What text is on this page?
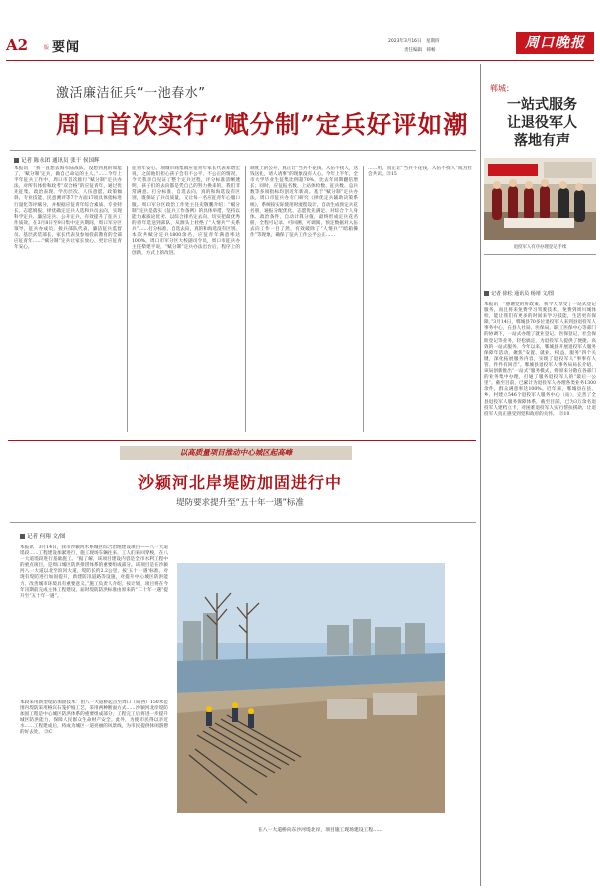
A2	版 要闻	2023年3月16日　星期四
责任编辑　韩畅	周口晚报
激活廉洁征兵“一池春水”
周口首次实行“赋分制”定兵好评如潮
记者 陈永团 通讯员 张干 侯国辉
本报讯　“我一直想去海军陆战队，没想到真的如愿了，‘赋分制’定兵，做自己命运的主人。”……今年上半年征兵工作中，周口市首次推行“赋分制”定兵办法，对所有体检和政考“双合格”的应征青年，通过优先征集、政治表现、学历层次、人伍意愿、政策倾斜、专业技能、民意测评等7个方面17项具体指标进行量化等评赋分，并根据应征青年综合素质、专业特长、志愿填报，择优确定定兵人选和兵员去向，实现科学定兵、廉洁定兵、公开定兵，有效提升了征兵工作质效。在3月8日至9日集中定兵期间，周口军分区领导，征兵办成员，接兵部队代表，廉洁征兵监督员、基层武装部长、家长代表及参加役前教育的全部应征青年……“赋分制”定兵让家长放心、更让应征青年安心。
征青年安心。项城市商集镇应征青年家长代表邓增宏说，之前他们担心孩子会有不公平、不公正的情况，今天我亲自见证了整个定兵过程，评分标准清晰透明，孩子们的去向都是凭自己的努力换来的，我们非常满意。打分标准，自选去向，真的和海选没有区别，既保证了兵员质量，又让每一名应征青年心服口服。周口军分区政治工作处主任史敬鹏介绍：“赋分制”定兵是落实《征兵工作条例》的具体举措，坚持以能力素质论优劣、以综合排名定去向，切实把最优秀的青年选送到部队，从源头上杜绝了“人情兵”“关系兵”……打分标准，自选去向，真的和海选没有区别。本次共赋分定兵1800余名，应征青年满意率达100%。周口市军分区大校副司令员，周口市征兵办主任柴建平说，“赋分制”定兵办法出台后，程序上的创新，方式上的改进。
制度上的公开，真正让“当兵不花钱，入伍不找人，送钱送礼，请人请事”的现象没有人心。今年上半年，全市大学毕业生征集比例超70%，比去年同期翻倍增长；同时，应征报名数、上站体检数、征兵数、总兵数等多项指标均创近年新高。基于“赋分制”定兵办法，周口市征兵办专门研究《择优定兵辅助决策系统》，系统按实际使用时流程设计，自动生成预定兵花名册，通报分配优化、志愿优先满足、对综合个人身体、政治条件，自动计算分值，最终形成定兵花名册，全程可记录、可回溯，可调阅，预定数据对入伍去向工作一目了然，有效破除了“人情兵”“暗箱操作”等现象，确保了征兵工作公平公正……
……用，真正让“当兵不花钱，入伍不找人”成为社会共识。㉑15
郸城：
一站式服务
让退役军人
落地有声
退役军人有序办理登记手续
记者 徐松 通讯员 杨靖 文/图
本报讯　“感谢党的好政策，我今天享受了一站式登记服务，而且将来免费学习驾驶技术，免费到周川城体检，能让我们有更多的时间来学习技能，生活更有保障。”3月14日，郸城县70多位退役军人来到县退役军人事务中心，在县人社局、医保局、职工医保中心等部门的协调下，一站式办理了就业登记、医保登记、社会保险登记等业务，轻松搞定，为退役军人提供了便捷、高效的一站式服务。今年以来，郸城县开展退役军人服务保障年活动，聚焦“安置、就业、权益、服务”四个关键，深化拓展服务内容，实现了退役军人“事事有人管、件件有回音”。郸城县退役军人事务局局长介绍，该局创新推出“一站式”服务模式，将原来分散在各部门的业务集中办理，打通了服务退役军人的“最后一公里”。截至目前，已累计为退役军人办理各类业务1300余件，群众满意率达100%。近年来，郸城县在县、乡、村建立546个退役军人服务中心（站），完善了全县退役军人服务保障体系，截至目前，已为3万余名退役军人建档立卡，对困难退役军人实行帮扶援助，让退役军人真正感受到党和政府的关怀。 ㉑10
以高质量项目推动中心城区起高峰
沙颍河北岸堤防加固进行中
堤防要求提升至“五十年一遇”标准
记者 何翔 文/图
本报讯　3月14日，我市沙颍河水系城区综合治理建设项目——八一大道堤段……工程建设加紧进行，施工现场车辆往来、工人们来回穿梭，在八一大道堤段进行基础施工。“据了解，该项目建设内容是全市水利工程中的重点项目，是周口城区防洪排涝体系的重要组成部分。该项目是在沙颍河八一大道以北至滨河大道，堤防长约2.2公里，按‘五十一遇’标准，对现有堤防进行加固提升，新建防汛道路等设施，对提升中心城区防洪能力、改善城市环境具有重要意义。”施工负责人介绍，按计划，项目将在今年汛期前完成主体工程建设，届时堤防防洪标准由原来的“二十年一遇”提升至“五十年一遇”。
本段采用新型堤防加固技术：由八一大道桥起点至周口（局西）150米范围内堤防采用格宾石笼护坡工艺，采用两种断面方式……沙颍河北岸堤防加固工程是中心城区防洪体系的重要组成部分，工程完工后将进一步提升城区防洪能力，保障人民群众生命财产安全。此外，为使市民得以亲近水……工程建成后，将成为城区一道亮丽的风景线，为市民提供休闲游憩的好去处。 ㉑C
在八一大道桥向东沙河堤北岸，项目施工现场建设工程……
